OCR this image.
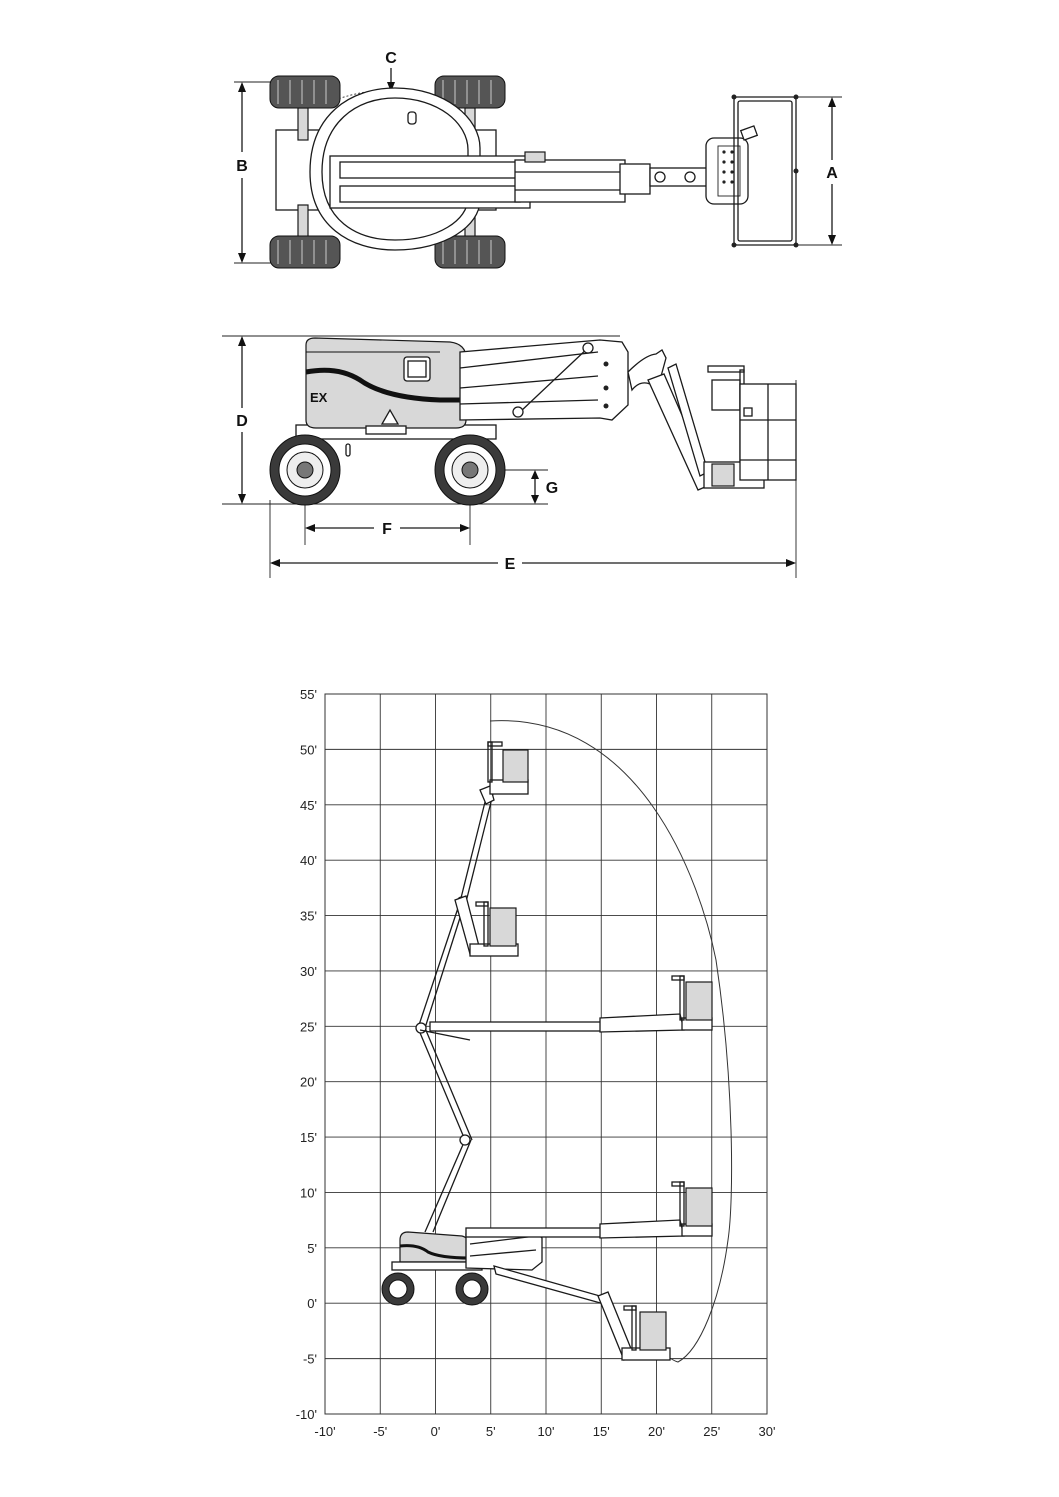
B
C
A
D
G
F
E
EX
55'
50'
45'
40'
35'
30'
25'
20'
15'
10'
5'
0'
-5'
-10'
-10'	-5'	0'	5'	10'	15'	20'	25'	30'
